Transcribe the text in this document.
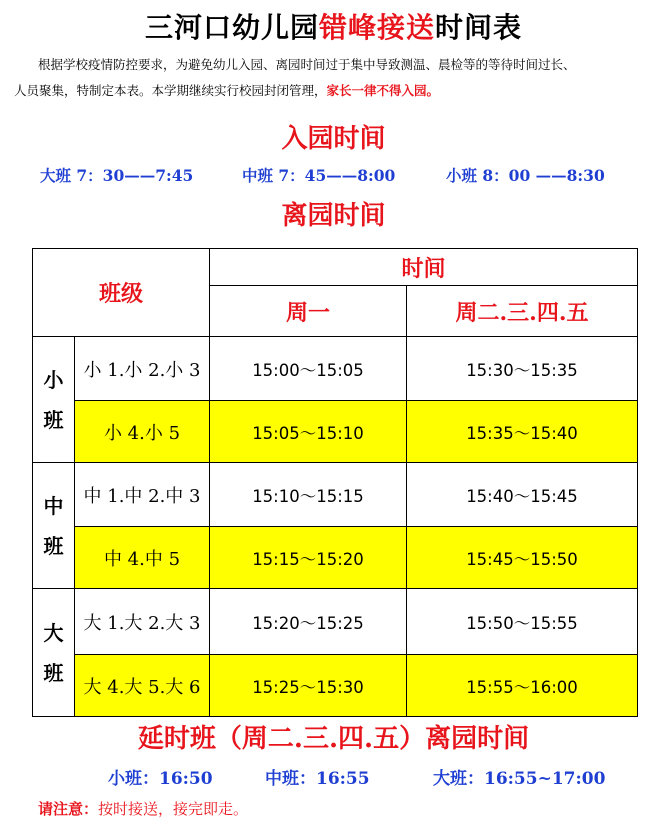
三河口幼儿园错峰接送时间表
根据学校疫情防控要求，为避免幼儿入园、离园时间过于集中导致测温、晨检等的等待时间过长、
人员聚集，特制定本表。本学期继续实行校园封闭管理，家长一律不得入园。
入园时间
大班 7：30——7:45	中班 7：45——8:00	小班 8：00 ——8:30
离园时间
班级		时间	
		周一	周二.三.四.五
小
班	小 1.小 2.小 3	15:00～15:05	15:30～15:35
	小 4.小 5	15:05～15:10	15:35～15:40
中
班	中 1.中 2.中 3	15:10～15:15	15:40～15:45
	中 4.中 5	15:15～15:20	15:45～15:50
大
班	大 1.大 2.大 3	15:20～15:25	15:50～15:55
	大 4.大 5.大 6	15:25～15:30	15:55～16:00
延时班（周二.三.四.五）离园时间
小班：16:50	中班：16:55	大班：16:55~17:00
请注意：按时接送，接完即走。
